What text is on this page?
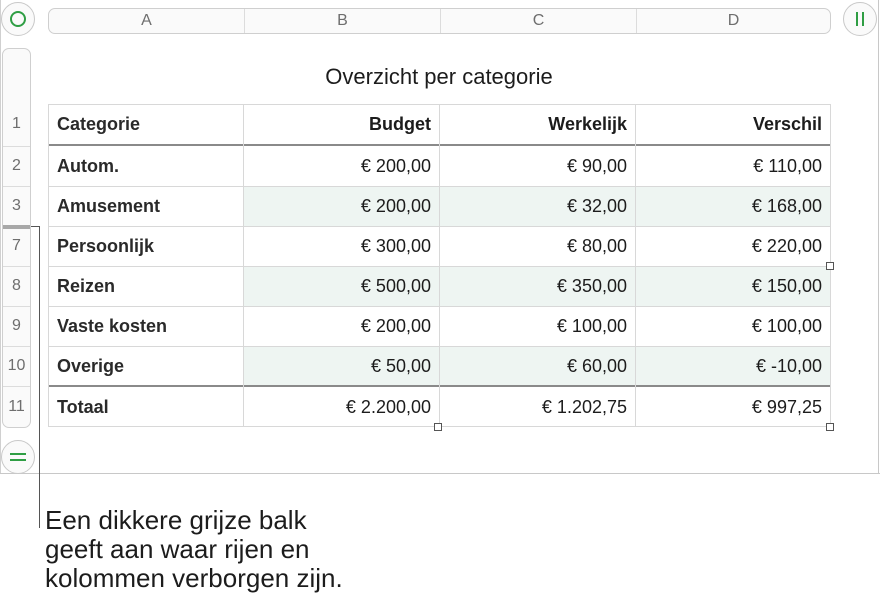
A	B	C	D
1
2
3
7
8
9
10
11
Overzicht per categorie
Categorie	Budget	Werkelijk	Verschil
Autom.	€ 200,00	€ 90,00	€ 110,00
Amusement	€ 200,00	€ 32,00	€ 168,00
Persoonlijk	€ 300,00	€ 80,00	€ 220,00
Reizen	€ 500,00	€ 350,00	€ 150,00
Vaste kosten	€ 200,00	€ 100,00	€ 100,00
Overige	€ 50,00	€ 60,00	€ -10,00
Totaal	€ 2.200,00	€ 1.202,75	€ 997,25
Een dikkere grijze balk
geeft aan waar rijen en
kolommen verborgen zijn.
